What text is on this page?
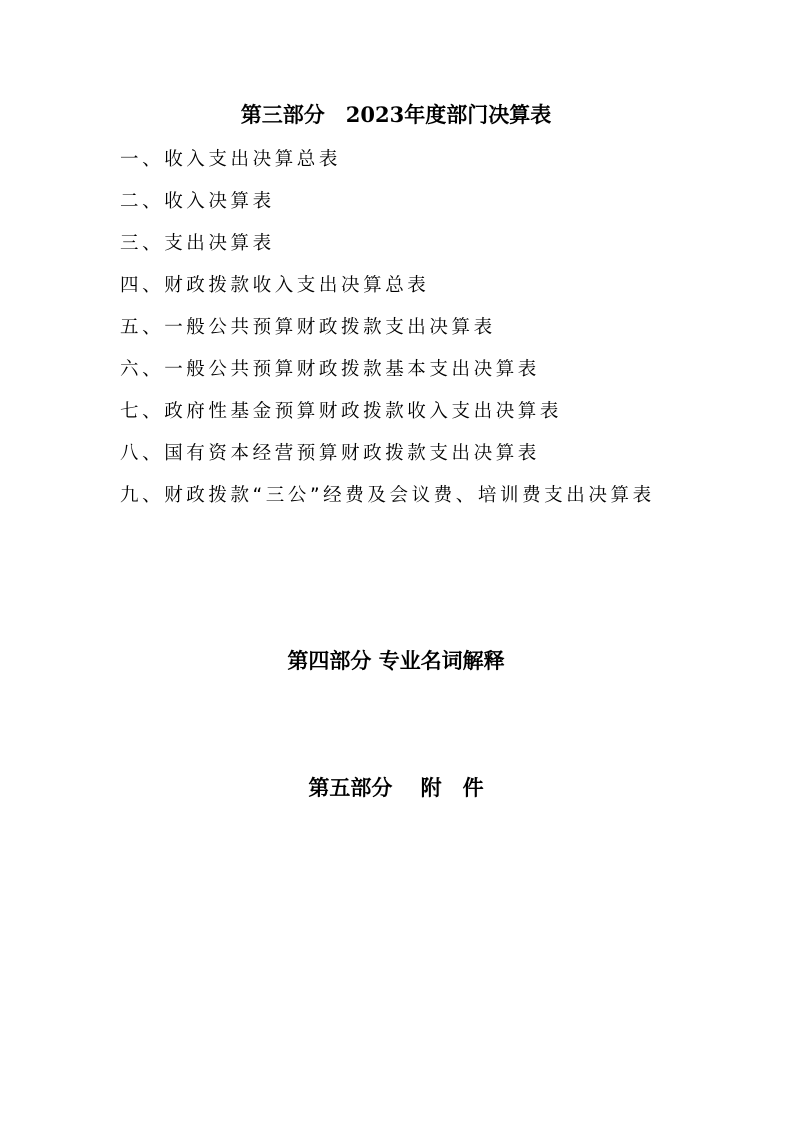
第三部分　2023年度部门决算表
一、收入支出决算总表
二、收入决算表
三、支出决算表
四、财政拨款收入支出决算总表
五、一般公共预算财政拨款支出决算表
六、一般公共预算财政拨款基本支出决算表
七、政府性基金预算财政拨款收入支出决算表
八、国有资本经营预算财政拨款支出决算表
九、财政拨款“三公”经费及会议费、培训费支出决算表
第四部分 专业名词解释
第五部分　 附　件
